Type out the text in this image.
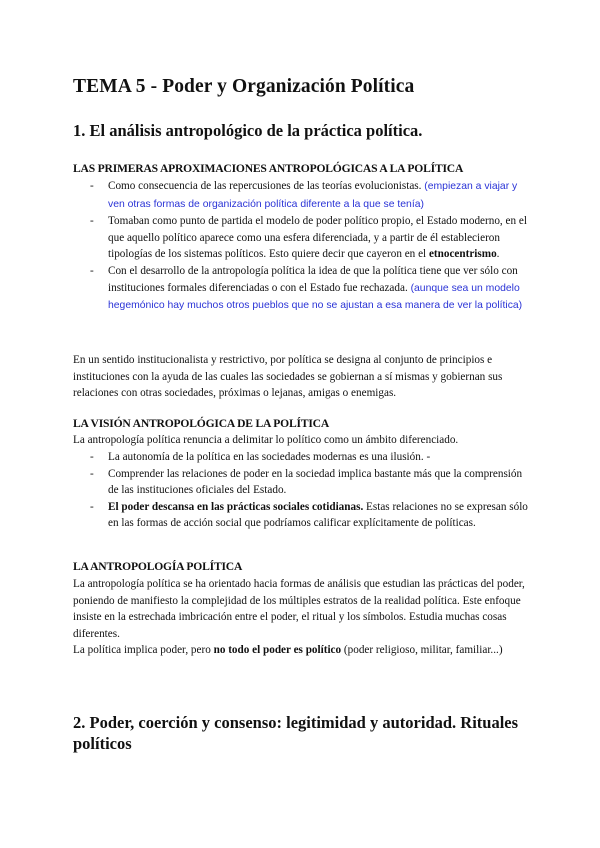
TEMA 5 - Poder y Organización Política
1. El análisis antropológico de la práctica política.
LAS PRIMERAS APROXIMACIONES ANTROPOLÓGICAS A LA POLÍTICA
- Como consecuencia de las repercusiones de las teorías evolucionistas. (empiezan a viajar y ven otras formas de organización política diferente a la que se tenía)
- Tomaban como punto de partida el modelo de poder político propio, el Estado moderno, en el que aquello político aparece como una esfera diferenciada, y a partir de él establecieron tipologías de los sistemas políticos. Esto quiere decir que cayeron en el etnocentrismo.
- Con el desarrollo de la antropología política la idea de que la política tiene que ver sólo con instituciones formales diferenciadas o con el Estado fue rechazada. (aunque sea un modelo hegemónico hay muchos otros pueblos que no se ajustan a esa manera de ver la política)

En un sentido institucionalista y restrictivo, por política se designa al conjunto de principios e instituciones con la ayuda de las cuales las sociedades se gobiernan a sí mismas y gobiernan sus relaciones con otras sociedades, próximas o lejanas, amigas o enemigas.

LA VISIÓN ANTROPOLÓGICA DE LA POLÍTICA

La antropología política renuncia a delimitar lo político como un ámbito diferenciado.

- La autonomía de la política en las sociedades modernas es una ilusión. -
- Comprender las relaciones de poder en la sociedad implica bastante más que la comprensión de las instituciones oficiales del Estado.
- El poder descansa en las prácticas sociales cotidianas. Estas relaciones no se expresan sólo en las formas de acción social que podríamos calificar explícitamente de políticas.
LA ANTROPOLOGÍA POLÍTICA

La antropología política se ha orientado hacia formas de análisis que estudian las prácticas del poder, poniendo de manifiesto la complejidad de los múltiples estratos de la realidad política. Este enfoque insiste en la estrechada imbricación entre el poder, el ritual y los símbolos. Estudia muchas cosas diferentes.

La política implica poder, pero no todo el poder es político (poder religioso, militar, familiar...)

2. Poder, coerción y consenso: legitimidad y autoridad. Rituales políticos
